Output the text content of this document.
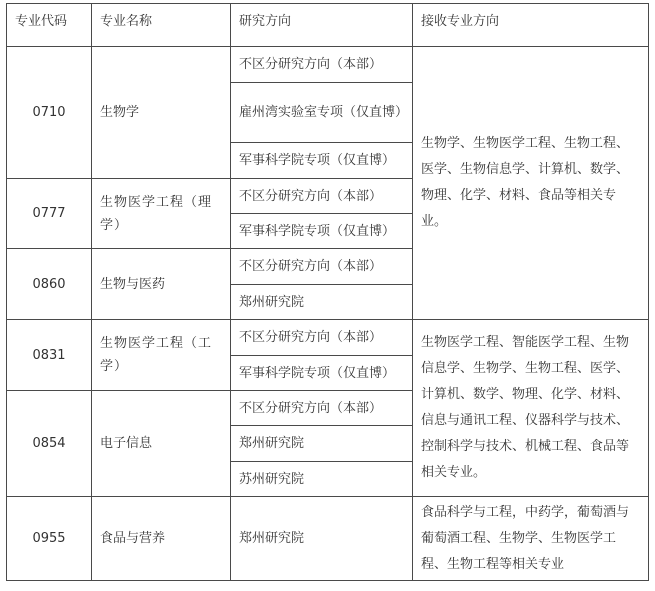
专业代码	专业名称	研究方向	接收专业方向
0710	生物学	不区分研究方向（本部）	生物学、生物医学工程、生物工程、医学、生物信息学、计算机、数学、物理、化学、材料、食品等相关专业。
		雇州湾实验室专项（仅直博）	
		军事科学院专项（仅直博）	
0777	生物医学工程（理学）	不区分研究方向（本部）	
		军事科学院专项（仅直博）	
0860	生物与医药	不区分研究方向（本部）	
		郑州研究院	
0831	生物医学工程（工学）	不区分研究方向（本部）	生物医学工程、智能医学工程、生物信息学、生物学、生物工程、医学、计算机、数学、物理、化学、材料、信息与通讯工程、仪器科学与技术、控制科学与技术、机械工程、食品等相关专业。
		军事科学院专项（仅直博）	
0854	电子信息	不区分研究方向（本部）	
		郑州研究院	
		苏州研究院	
0955	食品与营养	郑州研究院	食品科学与工程，中药学，葡萄酒与葡萄酒工程、生物学、生物医学工程、生物工程等相关专业
